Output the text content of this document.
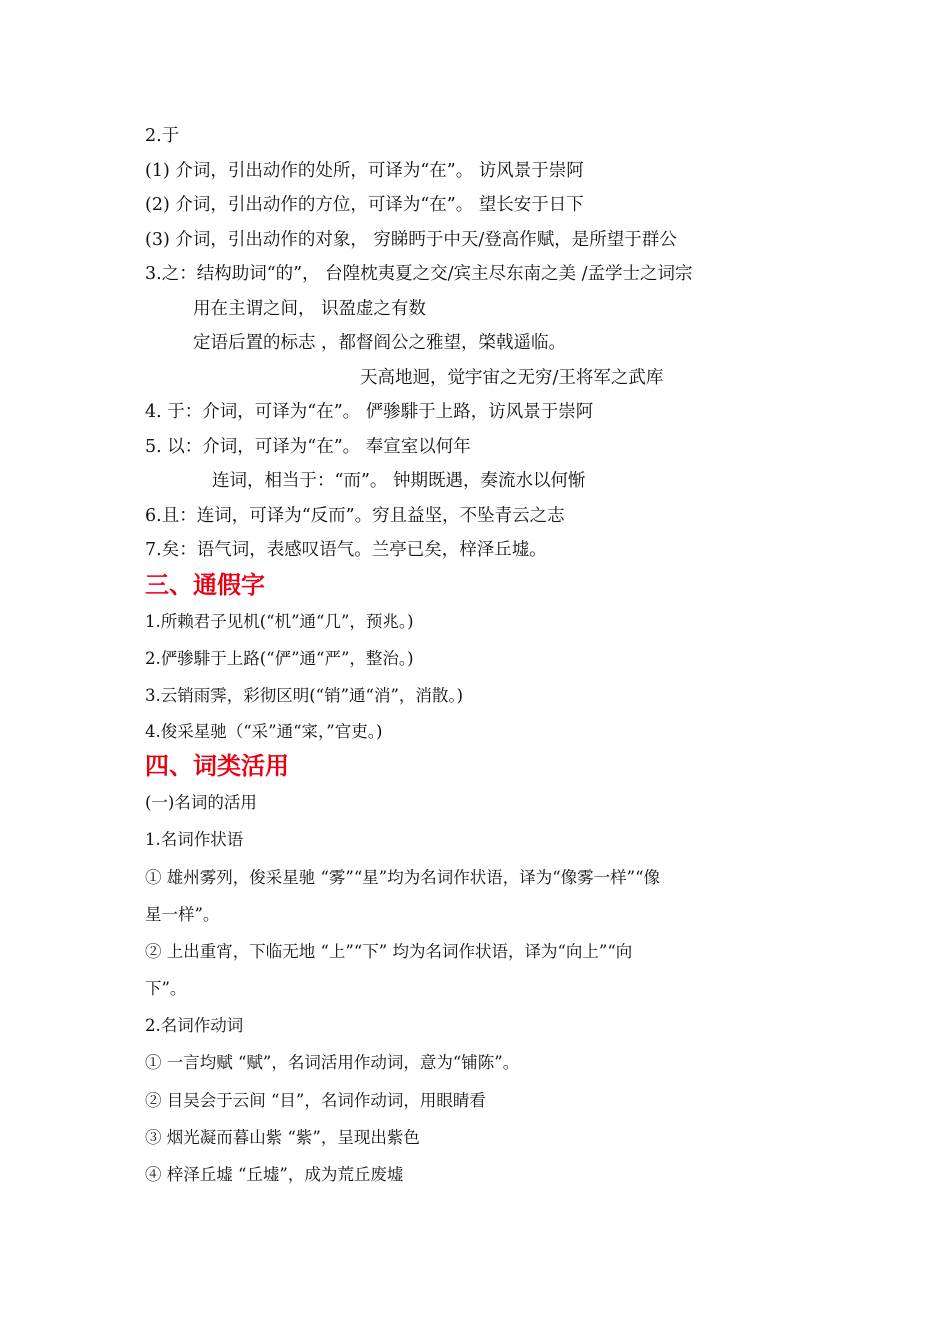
2.于
(1) 介词，引出动作的处所，可译为“在”。 访风景于崇阿
(2) 介词，引出动作的方位，可译为“在”。 望长安于日下
(3) 介词，引出动作的对象， 穷睇眄于中天/登高作赋，是所望于群公
3.之：结构助词“的”， 台隍枕夷夏之交/宾主尽东南之美 /孟学士之词宗
用在主谓之间， 识盈虚之有数
定语后置的标志 ，都督阎公之雅望，棨戟遥临。
天高地迥，觉宇宙之无穷/王将军之武库
4. 于：介词，可译为“在”。 俨骖騑于上路，访风景于崇阿
5. 以：介词，可译为“在”。 奉宣室以何年
连词，相当于：“而”。 钟期既遇，奏流水以何惭
6.且：连词，可译为“反而”。穷且益坚，不坠青云之志
7.矣：语气词，表感叹语气。兰亭已矣，梓泽丘墟。
三、通假字
1.所赖君子见机(“机”通“几”，预兆。)
2.俨骖騑于上路(“俨”通“严”，整治。)
3.云销雨霁，彩彻区明(“销”通“消”，消散。)
4.俊采星驰（“采”通“寀，”官吏。)
四、词类活用
(一)名词的活用
1.名词作状语
① 雄州雾列，俊采星驰 “雾”“星”均为名词作状语，译为“像雾一样”“像
星一样”。
② 上出重宵，下临无地 “上”“下” 均为名词作状语，译为“向上”“向
下”。
2.名词作动词
① 一言均赋 “赋”，名词活用作动词，意为“铺陈”。
② 目吴会于云间 “目”，名词作动词，用眼睛看
③ 烟光凝而暮山紫 “紫”，呈现出紫色
④ 梓泽丘墟 “丘墟”，成为荒丘废墟
